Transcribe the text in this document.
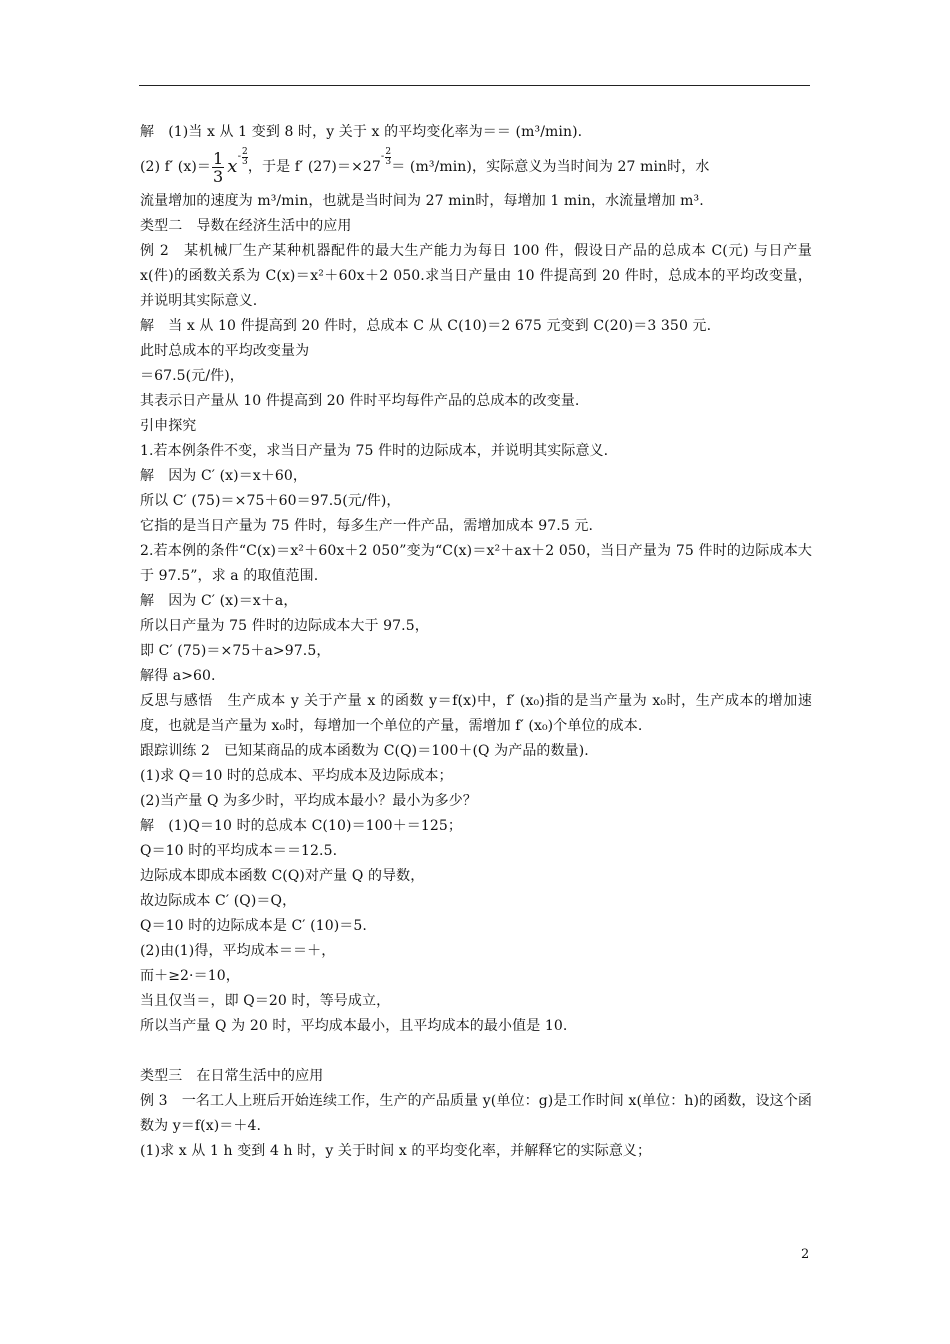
解　(1)当 x 从 1 变到 8 时，y 关于 x 的平均变化率为＝＝ (m³/min).
(2) f′ $(x)= \frac{1}{3}$ x - $\frac{2}{3}$
，于是 f′ (27)＝×27
- $\frac{2}{3}$
＝ (m³/min)，实际意义为当时间为 27 min时，水
流量增加的速度为 m³/min，也就是当时间为 27 min时，每增加 1 min，水流量增加 m³.
类型二　导数在经济生活中的应用
例 2　某机械厂生产某种机器配件的最大生产能力为每日 100 件，假设日产品的总成本 C(元) 与日产量 x(件)的函数关系为 C(x)＝x²＋60x＋2 050.求当日产量由 10 件提高到 20 件时，总成本的平均改变量，并说明其实际意义.
解　当 x 从 10 件提高到 20 件时，总成本 C 从 C(10)＝2 675 元变到 C(20)＝3 350 元.
此时总成本的平均改变量为
＝67.5(元/件)，
其表示日产量从 10 件提高到 20 件时平均每件产品的总成本的改变量.
引申探究
1.若本例条件不变，求当日产量为 75 件时的边际成本，并说明其实际意义.
解　因为 C′ (x)＝x＋60，
所以 C′ (75)＝×75＋60＝97.5(元/件)，
它指的是当日产量为 75 件时，每多生产一件产品，需增加成本 97.5 元.
2.若本例的条件“C(x)＝x²＋60x＋2 050”变为“C(x)＝x²＋ax＋2 050，当日产量为 75 件时的边际成本大于 97.5”，求 a 的取值范围.
解　因为 C′ (x)＝x＋a，
所以日产量为 75 件时的边际成本大于 97.5，
即 C′ (75)＝×75＋a>97.5，
解得 a>60.
反思与感悟　生产成本 y 关于产量 x 的函数 y＝f(x)中，f′ (x₀)指的是当产量为 x₀时，生产成本的增加速度，也就是当产量为 x₀时，每增加一个单位的产量，需增加 f′ (x₀)个单位的成本.
跟踪训练 2　已知某商品的成本函数为 C(Q)＝100＋(Q 为产品的数量).
(1)求 Q＝10 时的总成本、平均成本及边际成本；
(2)当产量 Q 为多少时，平均成本最小？最小为多少？
解　(1)Q＝10 时的总成本 C(10)＝100＋＝125；
Q＝10 时的平均成本＝＝12.5.
边际成本即成本函数 C(Q)对产量 Q 的导数，
故边际成本 C′ (Q)＝Q，
Q＝10 时的边际成本是 C′ (10)＝5.
(2)由(1)得，平均成本＝＝＋，
而＋≥2·＝10，
当且仅当＝，即 Q＝20 时，等号成立，
所以当产量 Q 为 20 时，平均成本最小，且平均成本的最小值是 10.
类型三　在日常生活中的应用
例 3　一名工人上班后开始连续工作，生产的产品质量 y(单位：g)是工作时间 x(单位：h)的函数，设这个函数为 y＝f(x)＝＋4.
(1)求 x 从 1 h 变到 4 h 时，y 关于时间 x 的平均变化率，并解释它的实际意义；
2
